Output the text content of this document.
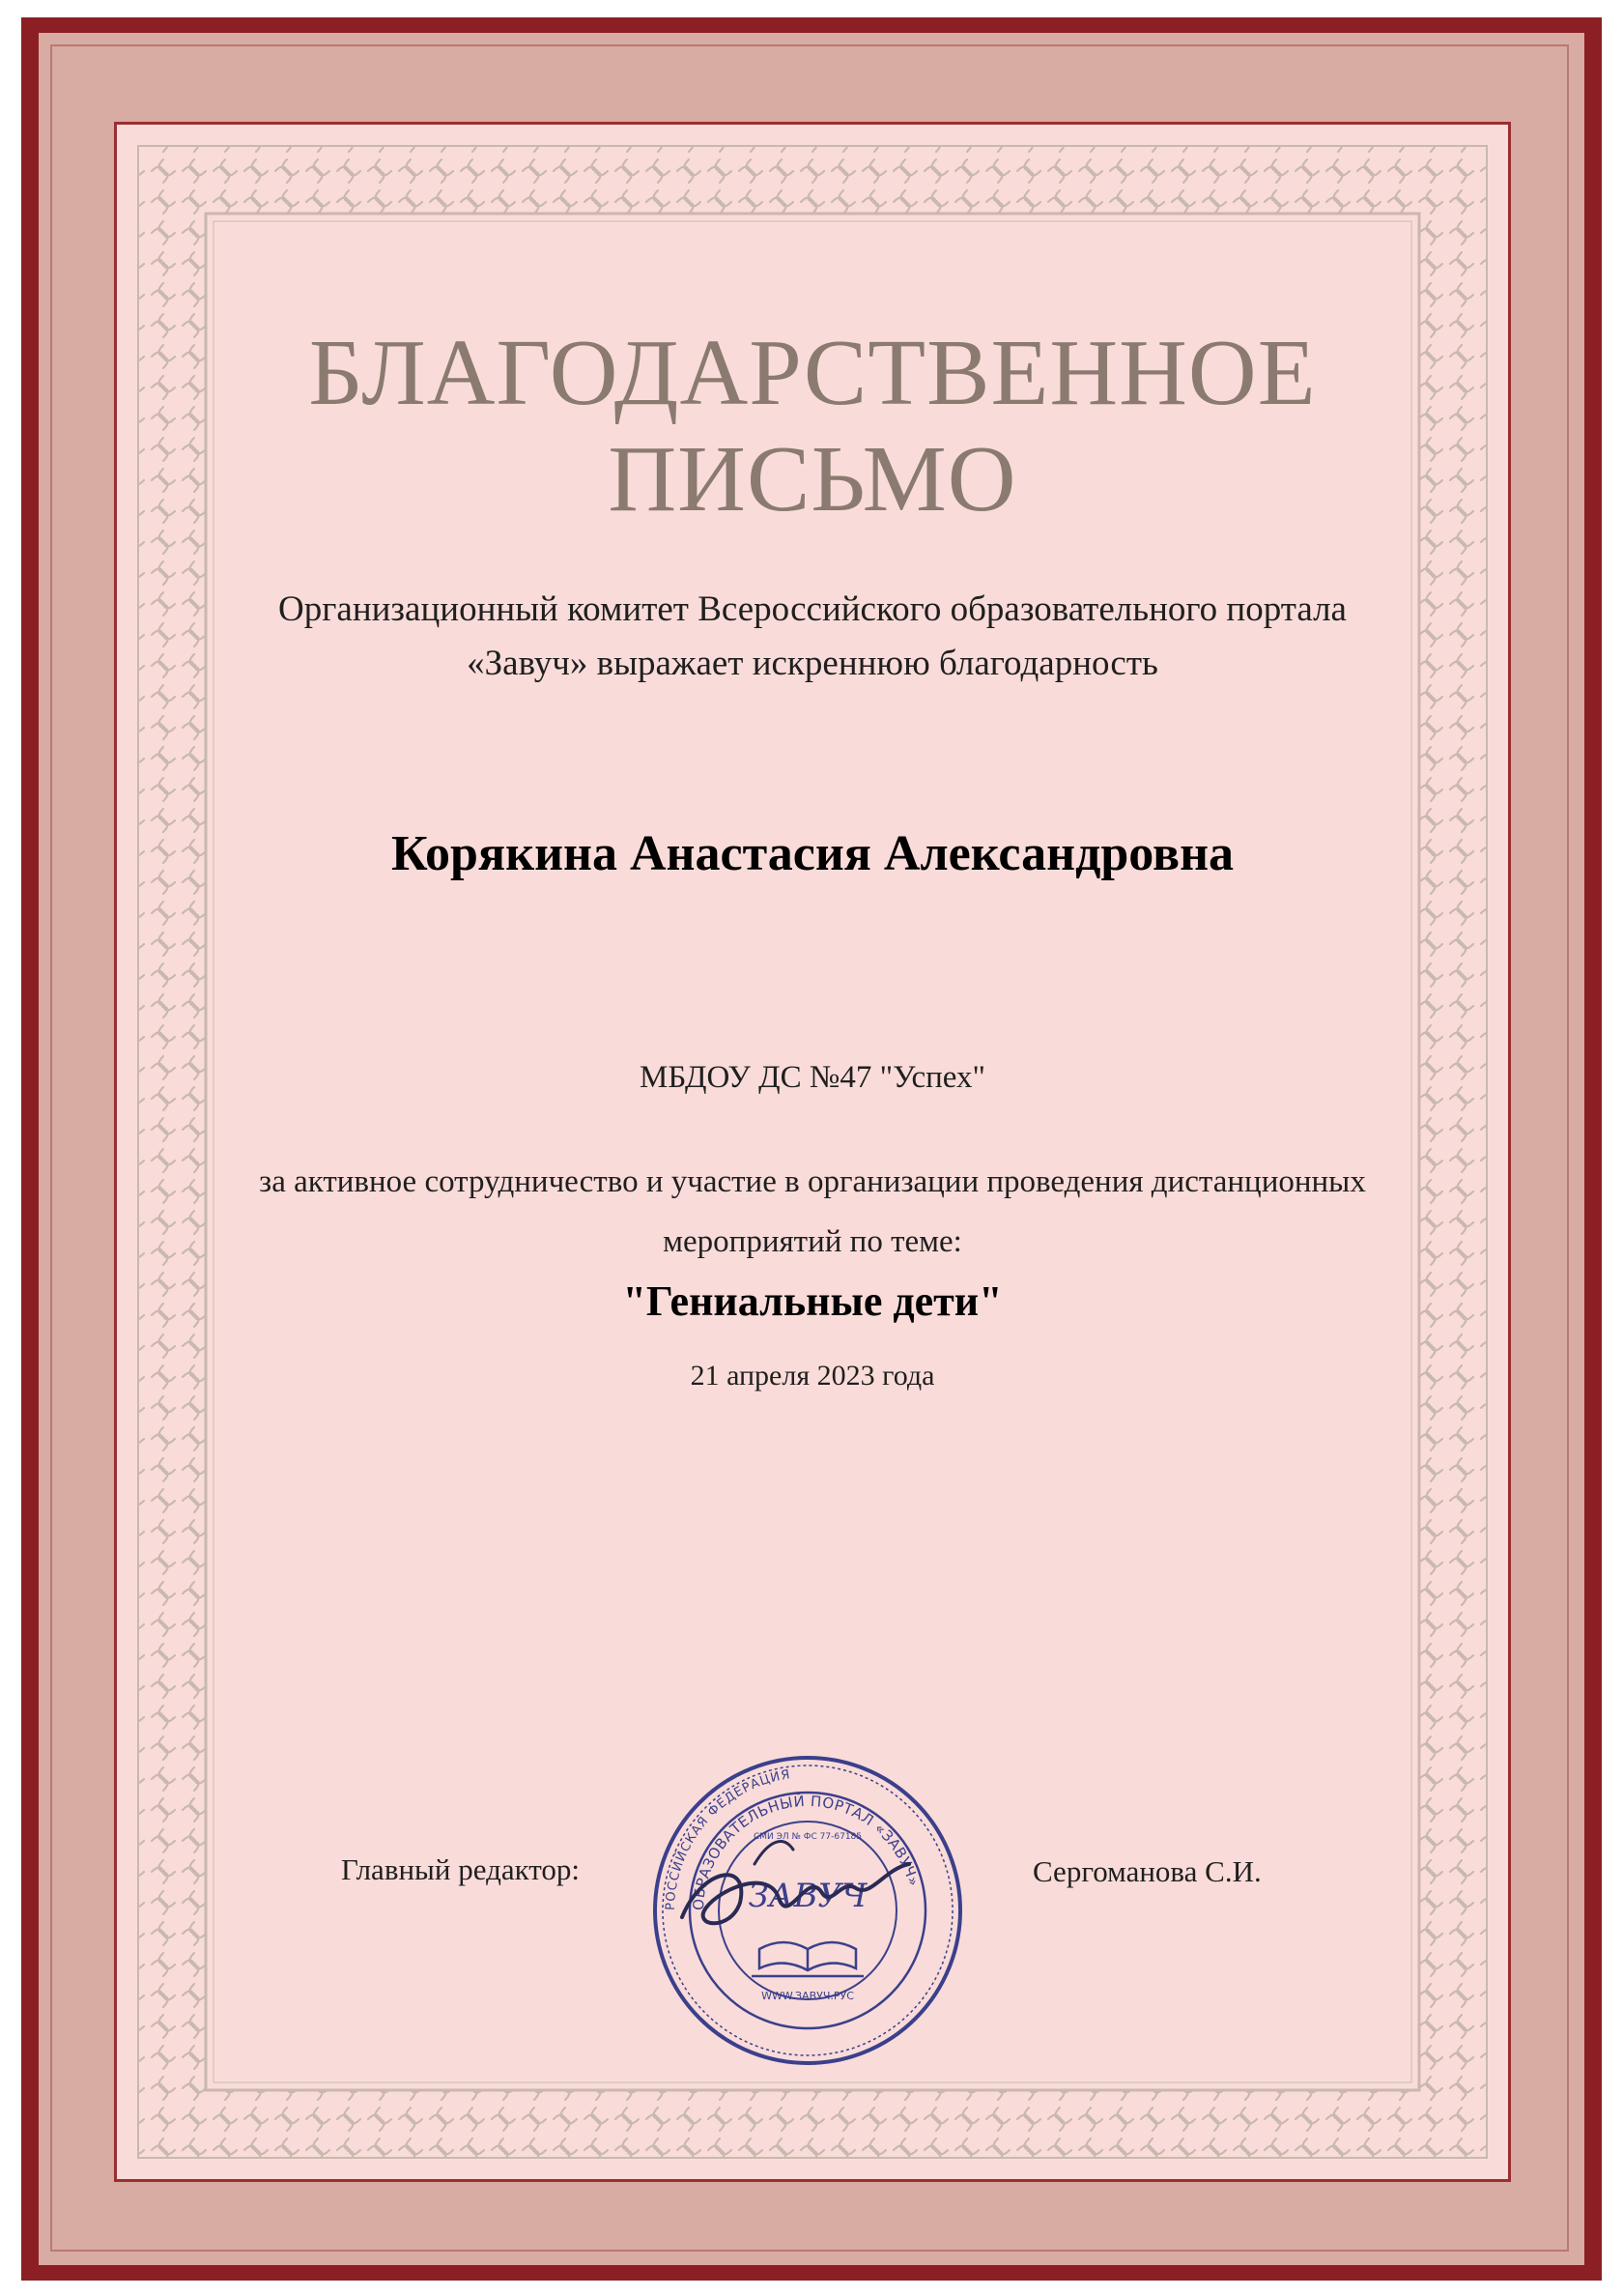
БЛАГОДАРСТВЕННОЕ
ПИСЬМО
Организационный комитет Всероссийского образовательного портала «Завуч» выражает искреннюю благодарность
Корякина Анастасия Александровна
МБДОУ ДС №47 "Успех"
за активное сотрудничество и участие в организации проведения дистанционных мероприятий по теме:
"Гениальные дети"
21 апреля 2023 года
Главный редактор:	Сергоманова С.И.
РОССИЙСКАЯ ФЕДЕРАЦИЯ
ОБРАЗОВАТЕЛЬНЫЙ ПОРТАЛ «ЗАВУЧ»
ЗАВУЧ
WWW.ЗАВУЧ.РУС
СМИ ЭЛ № ФС 77-67185
